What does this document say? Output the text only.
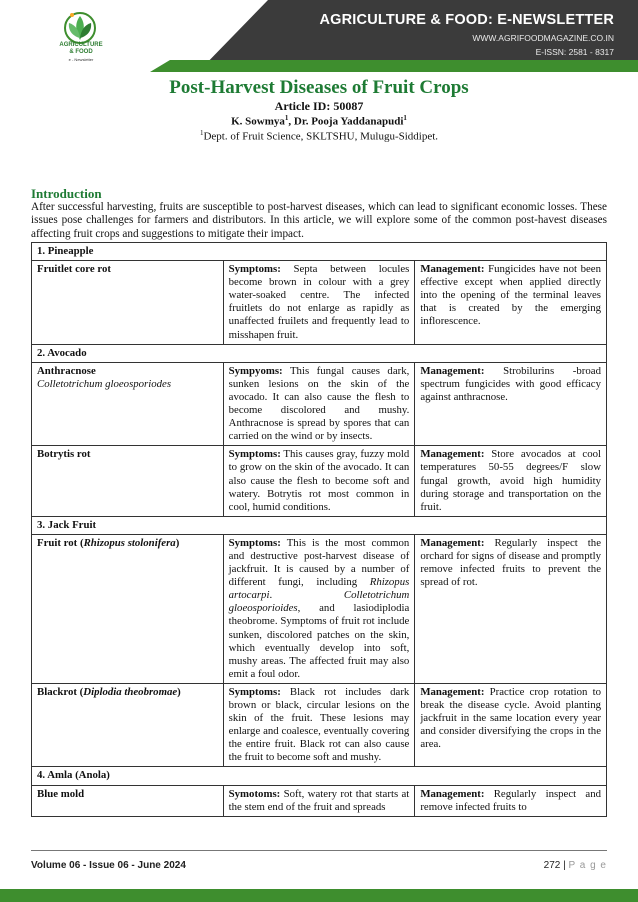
AGRICULTURE
& FOOD
e - Newsletter
AGRICULTURE & FOOD: E-NEWSLETTER
WWW.AGRIFOODMAGAZINE.CO.IN
E-ISSN: 2581 - 8317
Post-Harvest Diseases of Fruit Crops
Article ID: 50087
K. Sowmya$^1$, Dr. Pooja Yaddanapudi$^1$
$^1$Dept. of Fruit Science, SKLTSHU, Mulugu-Siddipet.
Introduction
After successful harvesting, fruits are susceptible to post-harvest diseases, which can lead to significant economic losses. These issues pose challenges for farmers and distributors. In this article, we will explore some of the common post-havest diseases affecting fruit crops and suggestions to mitigate their impact.
1. Pineapple		
Fruitlet core rot	Symptoms: Septa between locules become brown in colour with a grey water-soaked centre. The infected fruitlets do not enlarge as rapidly as unaffected fruilets and frequently lead to misshapen fruit.	Management: Fungicides have not been effective except when applied directly into the opening of the terminal leaves that is created by the emerging inflorescence.
2. Avocado		
Anthracnose
Colletotrichum gloeosporiodes	Sympyoms: This fungal causes dark, sunken lesions on the skin of the avocado. It can also cause the flesh to become discolored and mushy. Anthracnose is spread by spores that can carried on the wind or by insects.	Management: Strobilurins -broad spectrum fungicides with good efficacy against anthracnose.
Botrytis rot	Symptoms: This causes gray, fuzzy mold to grow on the skin of the avocado. It can also cause the flesh to become soft and watery. Botrytis rot most common in cool, humid conditions.	Management: Store avocados at cool temperatures 50-55 degrees/F slow fungal growth, avoid high humidity during storage and transportation on the fruit.
3. Jack Fruit		
Fruit rot (Rhizopus stolonifera)	Symptoms: This is the most common and destructive post-harvest disease of jackfruit. It is caused by a number of different fungi, including Rhizopus artocarpi. Colletotrichum gloeosporioides, and lasiodiplodia theobrome. Symptoms of fruit rot include sunken, discolored patches on the skin, which eventually develop into soft, mushy areas. The affected fruit may also emit a foul odor.	Management: Regularly inspect the orchard for signs of disease and promptly remove infected fruits to prevent the spread of rot.
Blackrot (Diplodia theobromae)	Symptoms: Black rot includes dark brown or black, circular lesions on the skin of the fruit. These lesions may enlarge and coalesce, eventually covering the entire fruit. Black rot can also cause the fruit to become soft and mushy.	Management: Practice crop rotation to break the disease cycle. Avoid planting jackfruit in the same location every year and consider diversifying the crops in the area.
4. Amla (Anola)		
Blue mold	Symotoms: Soft, watery rot that starts at the stem end of the fruit and spreads	Management: Regularly inspect and remove infected fruits to
Volume 06 - Issue 06 - June 2024	272 | P a g e
